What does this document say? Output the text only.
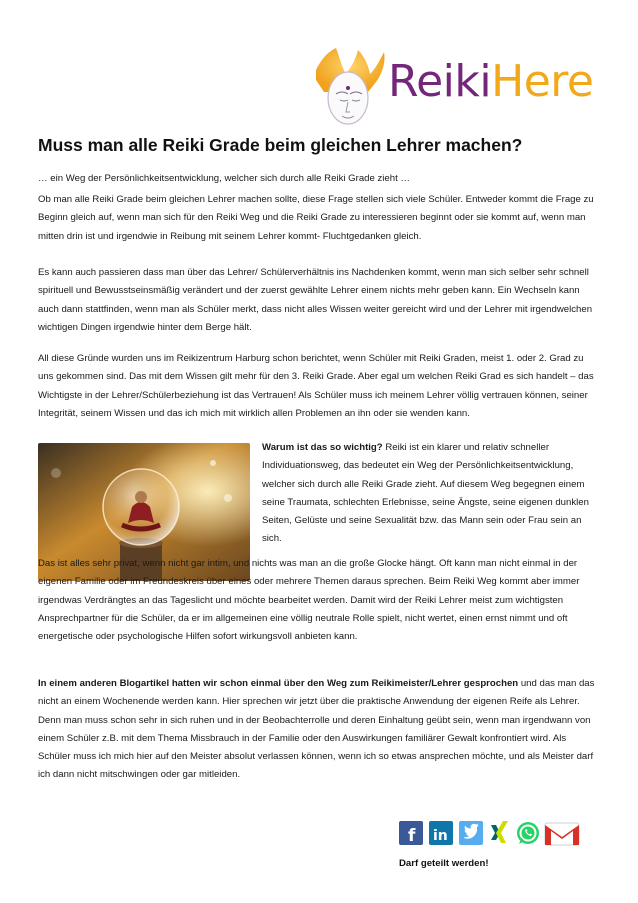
ReikiHere
Muss man alle Reiki Grade beim gleichen Lehrer machen?
… ein Weg der Persönlichkeitsentwicklung, welcher sich durch alle Reiki Grade zieht …
Ob man alle Reiki Grade beim gleichen Lehrer machen sollte, diese Frage stellen sich viele Schüler. Entweder kommt die Frage zu Beginn gleich auf, wenn man sich für den Reiki Weg und die Reiki Grade zu interessieren beginnt oder sie kommt auf, wenn man mitten drin ist und irgendwie in Reibung mit seinem Lehrer kommt- Fluchtgedanken gleich.
Es kann auch passieren dass man über das Lehrer/ Schülerverhältnis ins Nachdenken kommt, wenn man sich selber sehr schnell spirituell und Bewusstseinsmäßig verändert und der zuerst gewählte Lehrer einem nichts mehr geben kann. Ein Wechseln kann auch dann stattfinden, wenn man als Schüler merkt, dass nicht alles Wissen weiter gereicht wird und der Lehrer mit irgendwelchen wichtigen Dingen irgendwie hinter dem Berge hält.
All diese Gründe wurden uns im Reikizentrum Harburg schon berichtet, wenn Schüler mit Reiki Graden, meist 1. oder 2. Grad zu uns gekommen sind. Das mit dem Wissen gilt mehr für den 3. Reiki Grade. Aber egal um welchen Reiki Grad es sich handelt – das Wichtigste in der Lehrer/Schülerbeziehung ist das Vertrauen! Als Schüler muss ich meinem Lehrer völlig vertrauen können, seiner Integrität, seinem Wissen und das ich mich mit wirklich allen Problemen an ihn oder sie wenden kann.
Warum ist das so wichtig? Reiki ist ein klarer und relativ schneller Individuationsweg, das bedeutet ein Weg der Persönlichkeitsentwicklung, welcher sich durch alle Reiki Grade zieht. Auf diesem Weg begegnen einem seine Traumata, schlechten Erlebnisse, seine Ängste, seine eigenen dunklen Seiten, Gelüste und seine Sexualität bzw. das Mann sein oder Frau sein an sich.
Das ist alles sehr privat, wenn nicht gar intim, und nichts was man an die große Glocke hängt. Oft kann man nicht einmal in der eigenen Familie oder im Freundeskreis über eines oder mehrere Themen daraus sprechen. Beim Reiki Weg kommt aber immer irgendwas Verdrängtes an das Tageslicht und möchte bearbeitet werden. Damit wird der Reiki Lehrer meist zum wichtigsten Ansprechpartner für die Schüler, da er im allgemeinen eine völlig neutrale Rolle spielt, nicht wertet, einen ernst nimmt und oft energetische oder psychologische Hilfen sofort wirkungsvoll anbieten kann.
In einem anderen Blogartikel hatten wir schon einmal über den Weg zum Reikimeister/Lehrer gesprochen und das man das nicht an einem Wochenende werden kann. Hier sprechen wir jetzt über die praktische Anwendung der eigenen Reife als Lehrer. Denn man muss schon sehr in sich ruhen und in der Beobachterrolle und deren Einhaltung geübt sein, wenn man irgendwann von einem Schüler z.B. mit dem Thema Missbrauch in der Familie oder den Auswirkungen familiärer Gewalt konfrontiert wird. Als Schüler muss ich mich hier auf den Meister absolut verlassen können, wenn ich so etwas ansprechen möchte, und als Meister darf ich dann nicht mitschwingen oder gar mitleiden.
f in
Darf geteilt werden!
